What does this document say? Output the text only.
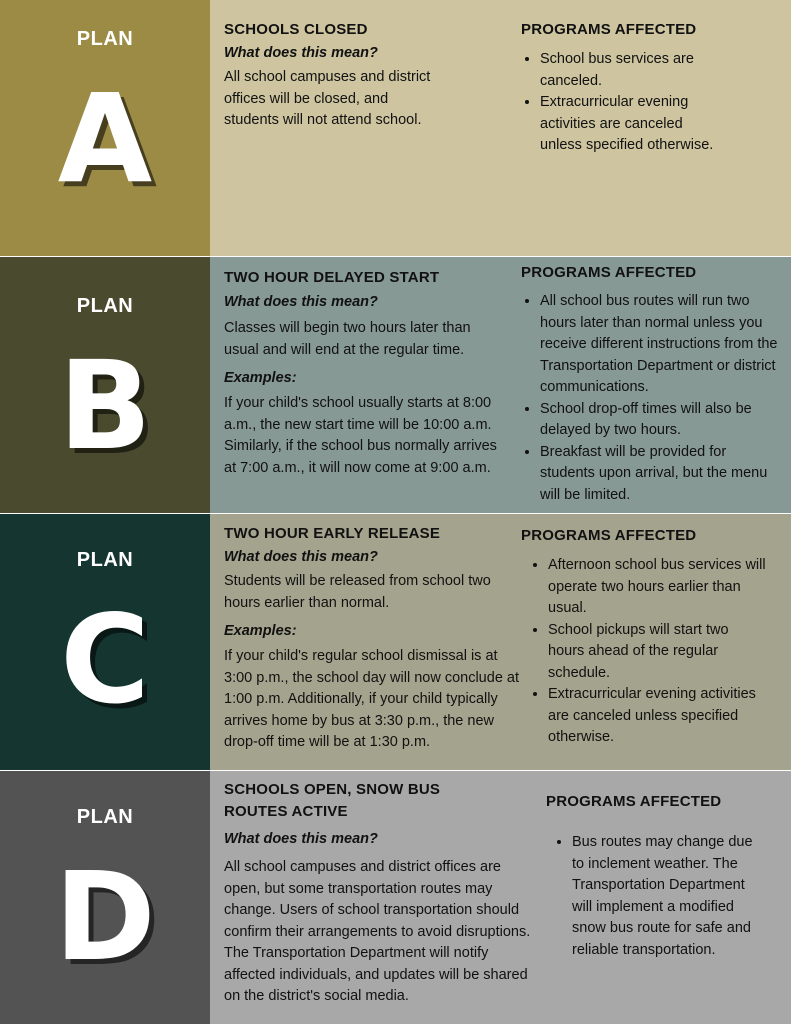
PLAN
A
SCHOOLS CLOSED
What does this mean?
All school campuses and district offices will be closed, and students will not attend school.
PROGRAMS AFFECTED
• School bus services are canceled.
• Extracurricular evening activities are canceled unless specified otherwise.
PLAN
B
TWO HOUR DELAYED START
What does this mean?
Classes will begin two hours later than usual and will end at the regular time.
Examples:
If your child's school usually starts at 8:00 a.m., the new start time will be 10:00 a.m. Similarly, if the school bus normally arrives at 7:00 a.m., it will now come at 9:00 a.m.
PROGRAMS AFFECTED
• All school bus routes will run two hours later than normal unless you receive different instructions from the Transportation Department or district communications.
• School drop-off times will also be delayed by two hours.
• Breakfast will be provided for students upon arrival, but the menu will be limited.
PLAN
C
TWO HOUR EARLY RELEASE
What does this mean?
Students will be released from school two hours earlier than normal.
Examples:
If your child's regular school dismissal is at 3:00 p.m., the school day will now conclude at 1:00 p.m. Additionally, if your child typically arrives home by bus at 3:30 p.m., the new drop-off time will be at 1:30 p.m.
PROGRAMS AFFECTED
• Afternoon school bus services will operate two hours earlier than usual.
• School pickups will start two hours ahead of the regular schedule.
• Extracurricular evening activities are canceled unless specified otherwise.
PLAN
D
SCHOOLS OPEN, SNOW BUS ROUTES ACTIVE
What does this mean?
All school campuses and district offices are open, but some transportation routes may change. Users of school transportation should confirm their arrangements to avoid disruptions. The Transportation Department will notify affected individuals, and updates will be shared on the district's social media.
PROGRAMS AFFECTED
• Bus routes may change due to inclement weather. The Transportation Department will implement a modified snow bus route for safe and reliable transportation.
